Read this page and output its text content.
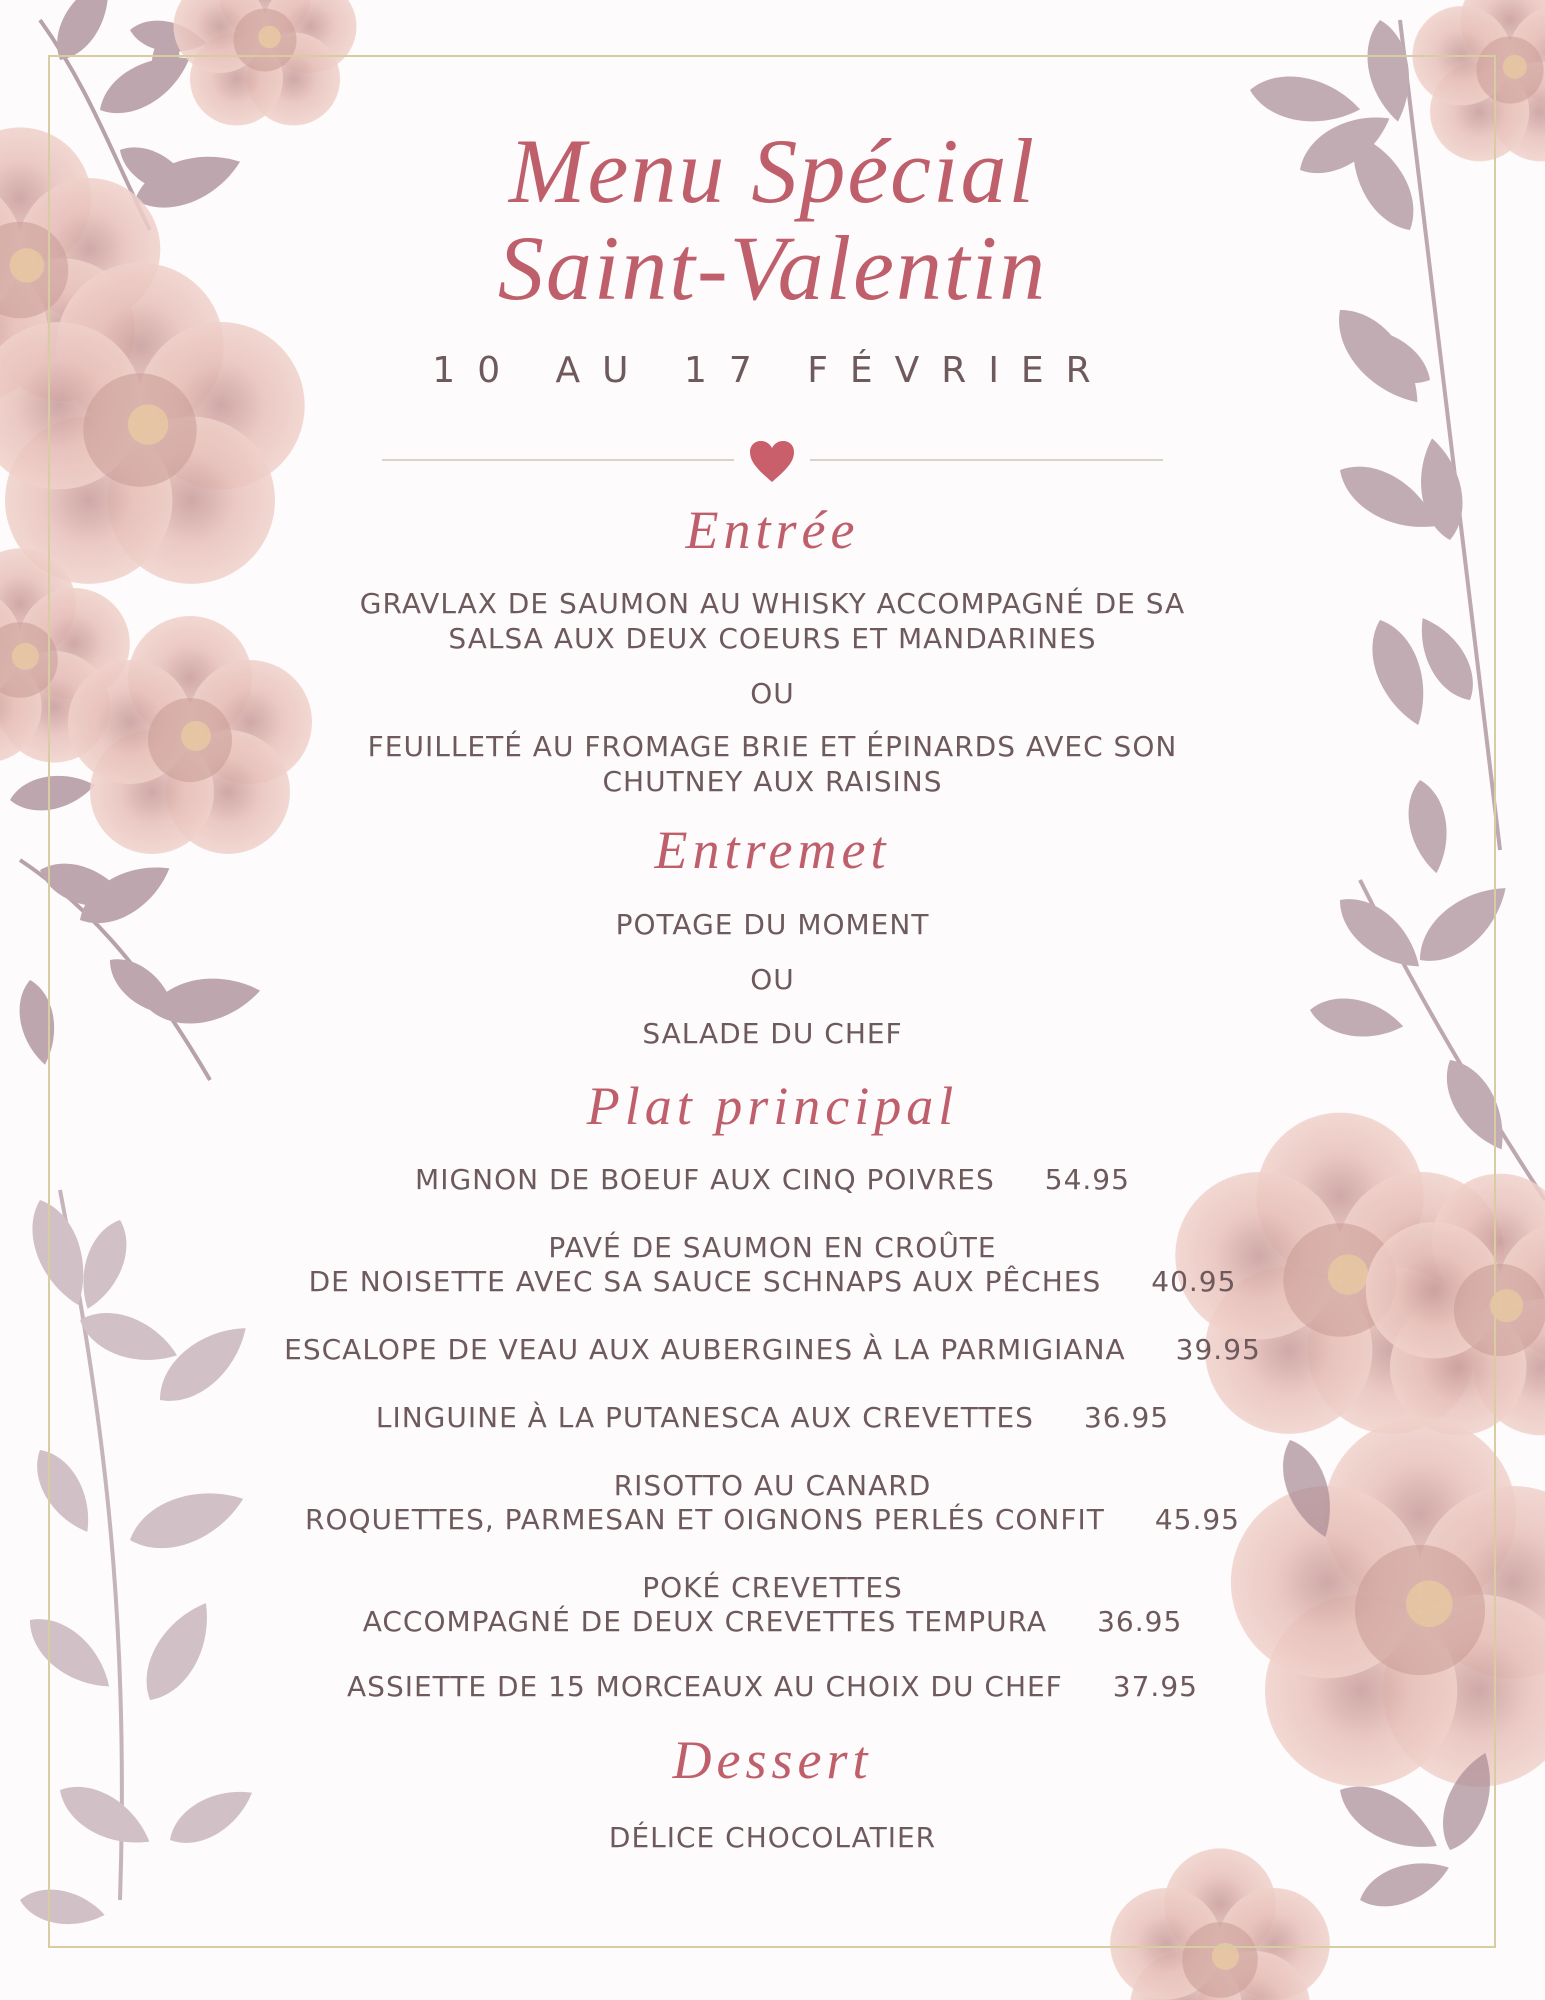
Menu Spécial
Saint-Valentin
10 AU 17 FÉVRIER
Entrée
GRAVLAX DE SAUMON AU WHISKY ACCOMPAGNÉ DE SA
SALSA AUX DEUX COEURS ET MANDARINES
OU
FEUILLETÉ AU FROMAGE BRIE ET ÉPINARDS AVEC SON
CHUTNEY AUX RAISINS
Entremet
POTAGE DU MOMENT
OU
SALADE DU CHEF
Plat principal
MIGNON DE BOEUF AUX CINQ POIVRES 54.95
PAVÉ DE SAUMON EN CROÛTE
DE NOISETTE AVEC SA SAUCE SCHNAPS AUX PÊCHES 40.95
ESCALOPE DE VEAU AUX AUBERGINES À LA PARMIGIANA 39.95
LINGUINE À LA PUTANESCA AUX CREVETTES 36.95
RISOTTO AU CANARD
ROQUETTES, PARMESAN ET OIGNONS PERLÉS CONFIT 45.95
POKÉ CREVETTES
ACCOMPAGNÉ DE DEUX CREVETTES TEMPURA 36.95
ASSIETTE DE 15 MORCEAUX AU CHOIX DU CHEF 37.95
Dessert
DÉLICE CHOCOLATIER
